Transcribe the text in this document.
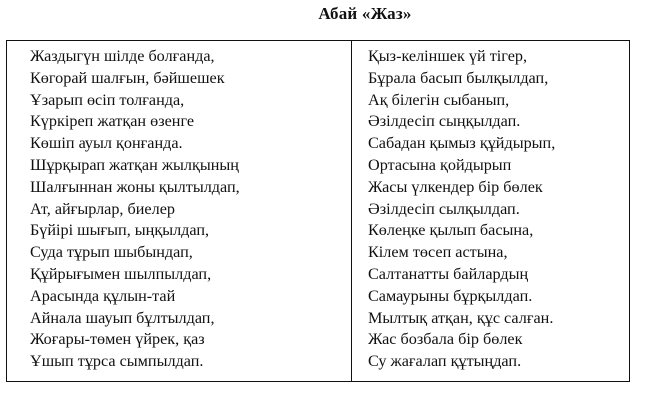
Абай «Жаз»
Жаздыгүн шілде болғанда,
Көгорай шалғын, бәйшешек
Ұзарып өсіп толғанда,
Күркіреп жатқан өзенге
Көшіп ауыл қонғанда.
Шұрқырап жатқан жылқының
Шалғыннан жоны қылтылдап,
Ат, айғырлар, биелер
Бүйірі шығып, ыңқылдап,
Суда тұрып шыбындап,
Құйрығымен шылпылдап,
Арасында құлын-тай
Айнала шауып бұлтылдап,
Жоғары-төмен үйрек, қаз
Ұшып тұрса сымпылдап.
Қыз-келіншек үй тігер,
Бұрала басып былқылдап,
Ақ білегін сыбанып,
Әзілдесіп сыңқылдап.
Сабадан қымыз құйдырып,
Ортасына қойдырып
Жасы үлкендер бір бөлек
Әзілдесіп сылқылдап.
Көлеңке қылып басына,
Кілем төсеп астына,
Салтанатты байлардың
Самаурыны бұрқылдап.
Мылтық атқан, құс салған.
Жас бозбала бір бөлек
Су жағалап құтыңдап.
